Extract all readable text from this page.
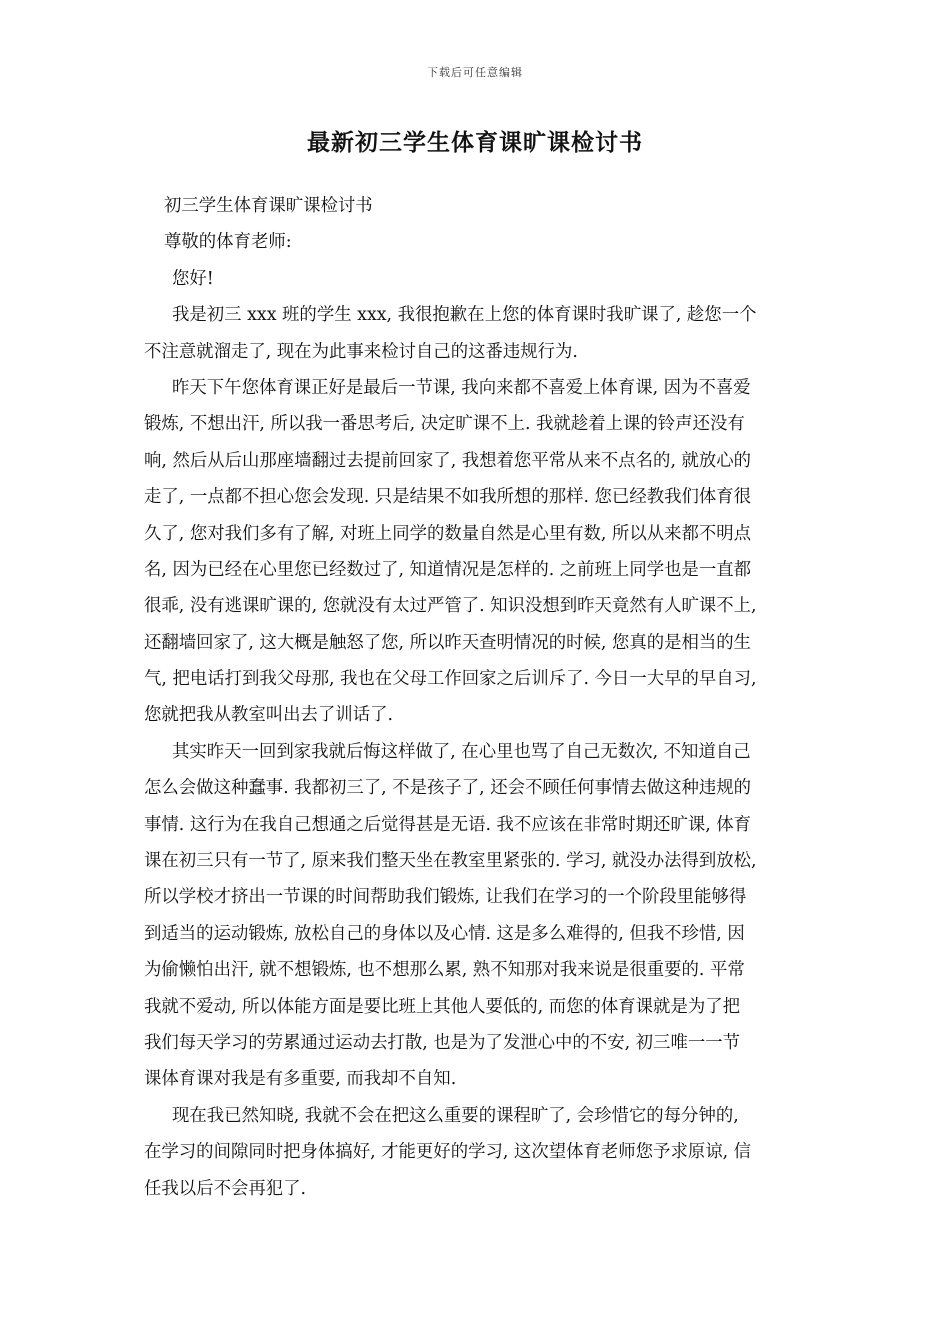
下载后可任意编辑
最新初三学生体育课旷课检讨书
初三学生体育课旷课检讨书
尊敬的体育老师:
您好!
我是初三 xxx 班的学生 xxx, 我很抱歉在上您的体育课时我旷课了, 趁您一个
不注意就溜走了, 现在为此事来检讨自己的这番违规行为.
昨天下午您体育课正好是最后一节课, 我向来都不喜爱上体育课, 因为不喜爱
锻炼, 不想出汗, 所以我一番思考后, 决定旷课不上. 我就趁着上课的铃声还没有
响, 然后从后山那座墙翻过去提前回家了, 我想着您平常从来不点名的, 就放心的
走了, 一点都不担心您会发现. 只是结果不如我所想的那样. 您已经教我们体育很
久了, 您对我们多有了解, 对班上同学的数量自然是心里有数, 所以从来都不明点
名, 因为已经在心里您已经数过了, 知道情况是怎样的. 之前班上同学也是一直都
很乖, 没有逃课旷课的, 您就没有太过严管了. 知识没想到昨天竟然有人旷课不上,
还翻墙回家了, 这大概是触怒了您, 所以昨天查明情况的时候, 您真的是相当的生
气, 把电话打到我父母那, 我也在父母工作回家之后训斥了. 今日一大早的早自习,
您就把我从教室叫出去了训话了.
其实昨天一回到家我就后悔这样做了, 在心里也骂了自己无数次, 不知道自己
怎么会做这种蠢事. 我都初三了, 不是孩子了, 还会不顾任何事情去做这种违规的
事情. 这行为在我自己想通之后觉得甚是无语. 我不应该在非常时期还旷课, 体育
课在初三只有一节了, 原来我们整天坐在教室里紧张的. 学习, 就没办法得到放松,
所以学校才挤出一节课的时间帮助我们锻炼, 让我们在学习的一个阶段里能够得
到适当的运动锻炼, 放松自己的身体以及心情. 这是多么难得的, 但我不珍惜, 因
为偷懒怕出汗, 就不想锻炼, 也不想那么累, 熟不知那对我来说是很重要的. 平常
我就不爱动, 所以体能方面是要比班上其他人要低的, 而您的体育课就是为了把
我们每天学习的劳累通过运动去打散, 也是为了发泄心中的不安, 初三唯一一节
课体育课对我是有多重要, 而我却不自知.
现在我已然知晓, 我就不会在把这么重要的课程旷了, 会珍惜它的每分钟的,
在学习的间隙同时把身体搞好, 才能更好的学习, 这次望体育老师您予求原谅, 信
任我以后不会再犯了.
